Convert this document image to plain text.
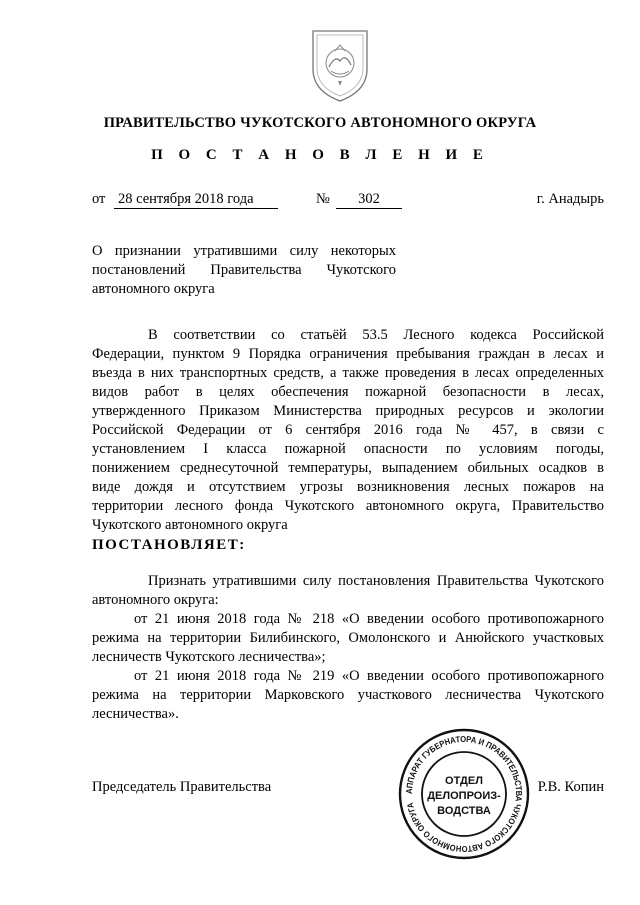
ПРАВИТЕЛЬСТВО ЧУКОТСКОГО АВТОНОМНОГО ОКРУГА
П О С Т А Н О В Л Е Н И Е
от 28 сентября 2018 года	№	302	г. Анадырь
О признании утратившими силу некоторых
постановлений Правительства Чукотского
автономного округа
В соответствии со статьёй 53.5 Лесного кодекса Российской
Федерации, пунктом 9 Порядка ограничения пребывания граждан в лесах и
въезда в них транспортных средств, а также проведения в лесах определенных
видов работ в целях обеспечения пожарной безопасности в лесах,
утвержденного Приказом Министерства природных ресурсов и экологии
Российской Федерации от 6 сентября 2016 года № 457, в связи с
установлением I класса пожарной опасности по условиям погоды,
понижением среднесуточной температуры, выпадением обильных осадков в
виде дождя и отсутствием угрозы возникновения лесных пожаров на
территории лесного фонда Чукотского автономного округа, Правительство
Чукотского автономного округа
ПОСТАНОВЛЯЕТ:
Признать утратившими силу постановления Правительства Чукотского
автономного округа:
от 21 июня 2018 года № 218 «О введении особого противопожарного
режима на территории Билибинского, Омолонского и Анюйского участковых
лесничеств Чукотского лесничества»;
от 21 июня 2018 года № 219 «О введении особого противопожарного
режима на территории Марковского участкового лесничества Чукотского
лесничества».
Председатель Правительства	Р.В. Копин
АППАРАТ ГУБЕРНАТОРА И ПРАВИТЕЛЬСТВА ЧУКОТСКОГО АВТОНОМНОГО ОКРУГА
ОТДЕЛ
ДЕЛОПРОИЗ-
ВОДСТВА
